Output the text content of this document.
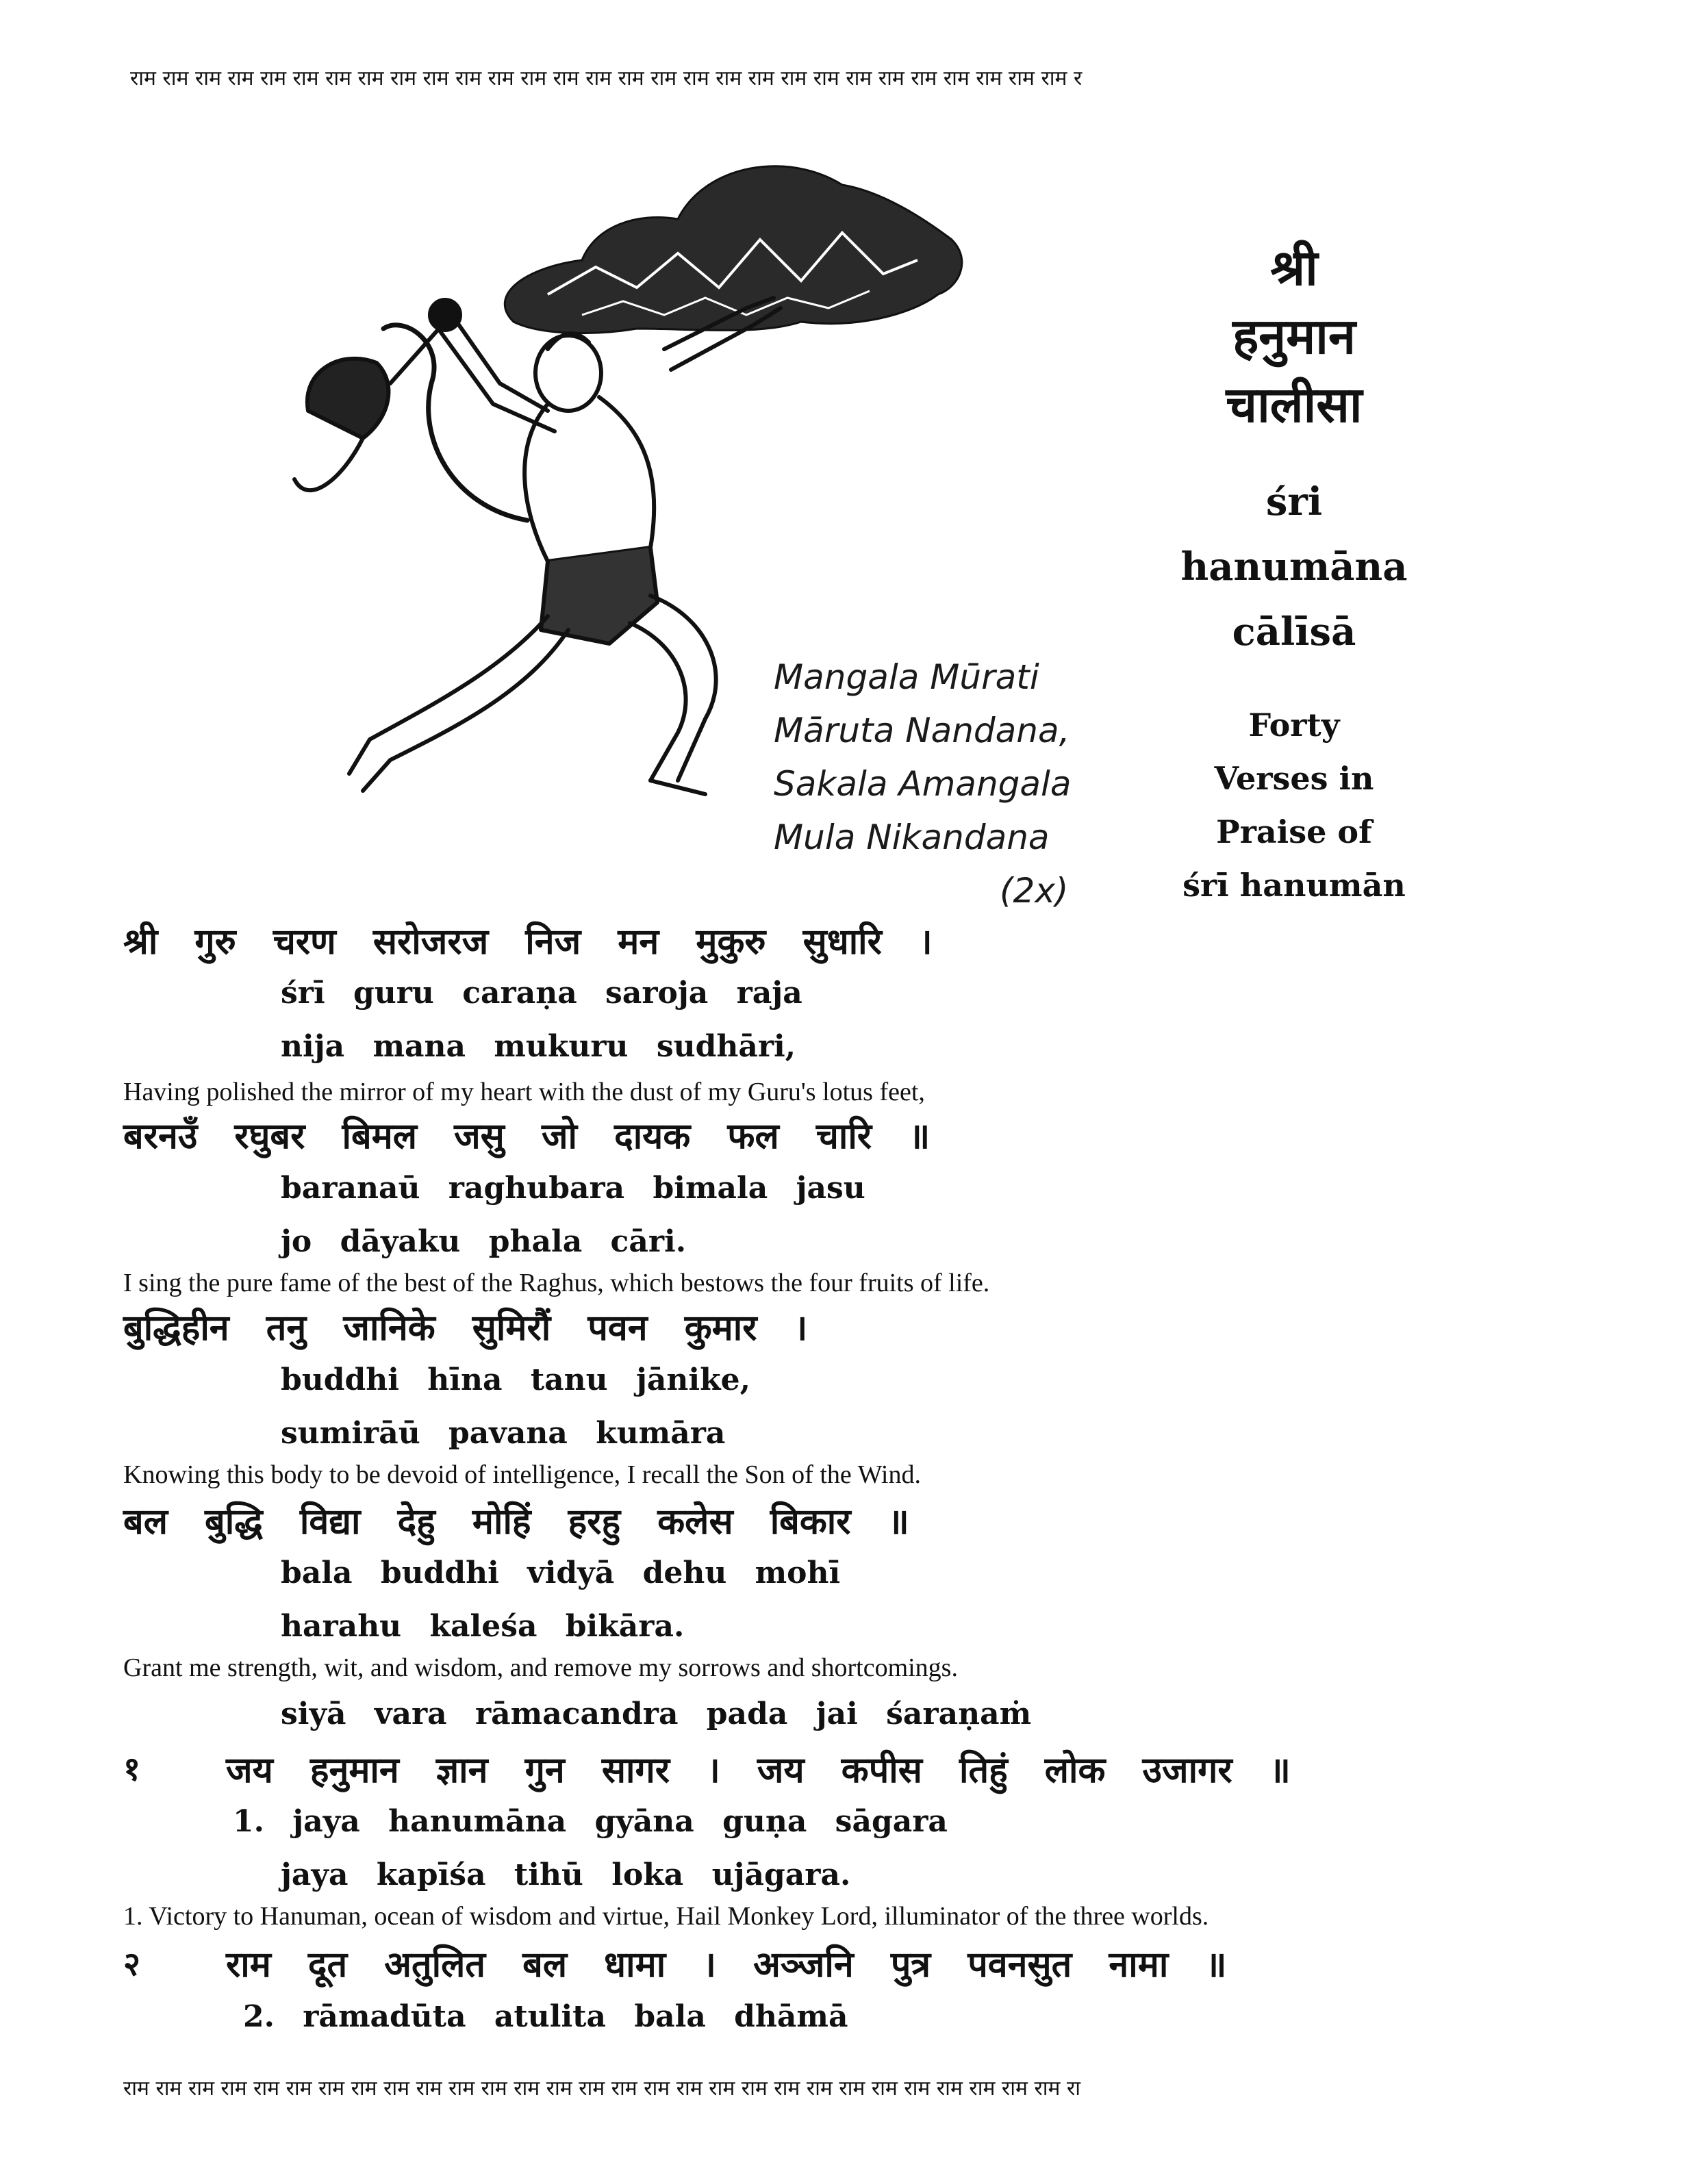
राम राम राम राम राम राम राम राम राम राम राम राम राम राम राम राम राम राम राम राम राम राम राम राम राम राम राम राम राम र
राम राम राम राम राम राम राम राम राम राम राम राम राम राम राम राम राम राम राम राम राम राम राम राम राम राम राम राम राम रा
श्री
हनुमान
चालीसा
śri
hanumāna
cālīsā
Forty
Verses in
Praise of
śrī hanumān
Mangala Mūrati
Māruta Nandana,
Sakala Amangala
Mula Nikandana
(2x)
श्री गुरु चरण सरोजरज निज मन मुकुरु सुधारि ।
śrī guru caraṇa saroja raja
nija mana mukuru sudhāri,
Having polished the mirror of my heart with the dust of my Guru's lotus feet,
बरनउँ रघुबर बिमल जसु जो दायक फल चारि ॥
baranaū raghubara bimala jasu
jo dāyaku phala cāri.
I sing the pure fame of the best of the Raghus, which bestows the four fruits of life.
बुद्धिहीन तनु जानिके सुमिरौं पवन कुमार ।
buddhi hīna tanu jānike,
sumirāū pavana kumāra
Knowing this body to be devoid of intelligence, I recall the Son of the Wind.
बल बुद्धि विद्या देहु मोहिं हरहु कलेस बिकार ॥
bala buddhi vidyā dehu mohī
harahu kaleśa bikāra.
Grant me strength, wit, and wisdom, and remove my sorrows and shortcomings.
siyā vara rāmacandra pada jai śaraṇaṁ
१ जय हनुमान ज्ञान गुन सागर । जय कपीस तिहुं लोक उजागर ॥
1. jaya hanumāna gyāna guṇa sāgara
jaya kapīśa tihū loka ujāgara.
1. Victory to Hanuman, ocean of wisdom and virtue, Hail Monkey Lord, illuminator of the three worlds.
२ राम दूत अतुलित बल धामा । अञ्जनि पुत्र पवनसुत नामा ॥
2. rāmadūta atulita bala dhāmā
